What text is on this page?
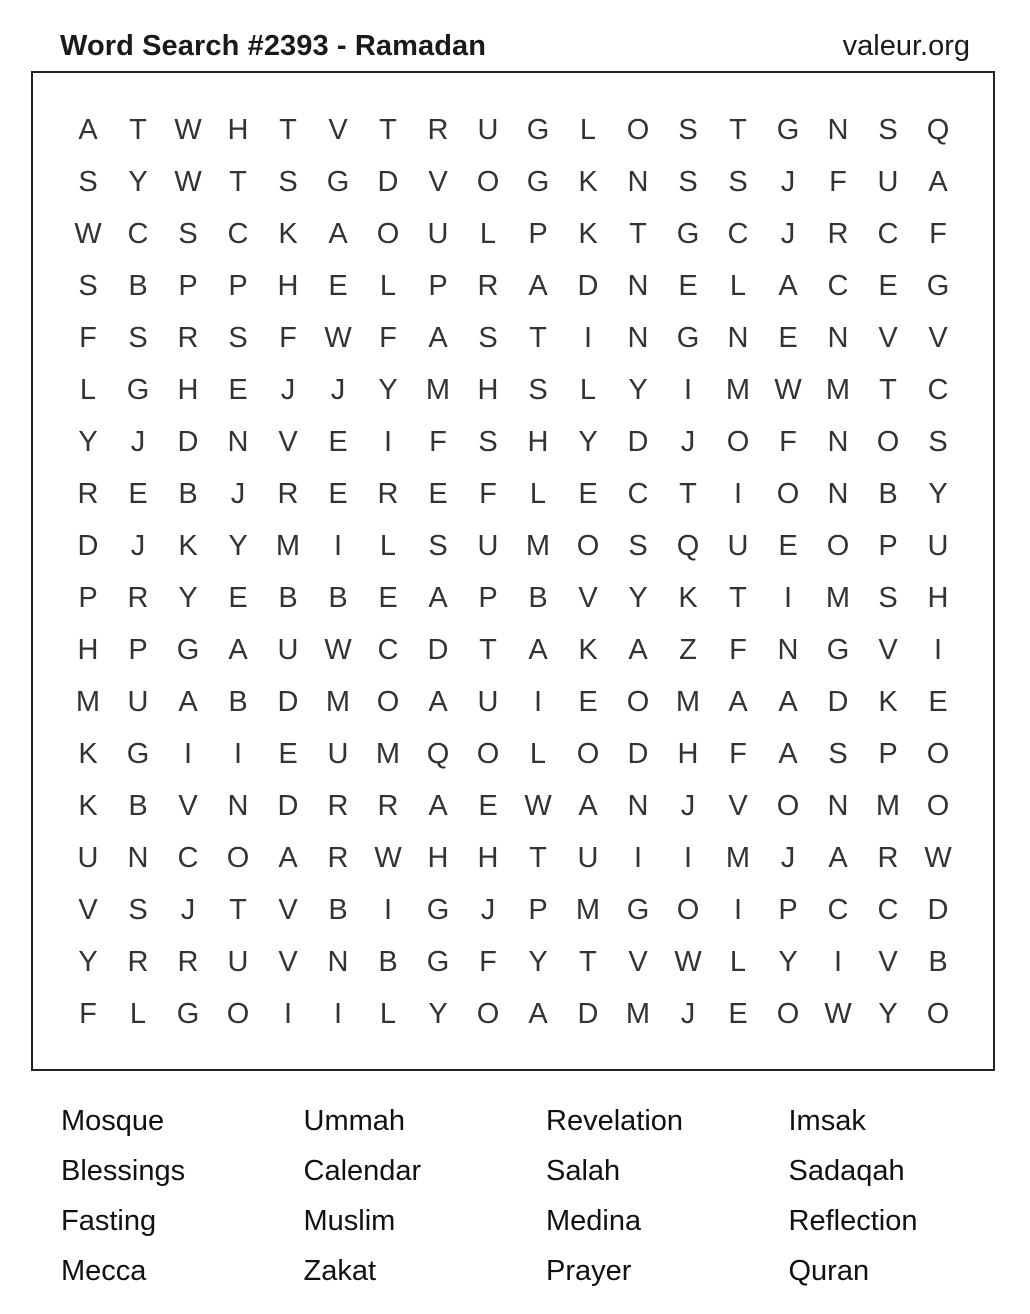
Word Search #2393 - Ramadan	valeur.org
A	T W H	T	V	T	R	U G	L	O	S	T	G N	S	Q
S	Y W T	S	G D	V	O G	K	N	S	S	J	F	U	A
W C	S	C	K	A	O U	L	P	K	T	G C	J	R	C	F
S	B	P	P	H	E	L	P	R	A	D	N	E	L	A	C	E	G
F	S	R	S	F W F	A	S	T	I	N G N	E	N	V	V
L	G H	E	J	J	Y M H	S	L	Y	I	M W M	T	C
Y	J	D	N	V	E	I	F	S	H	Y	D	J	O	F	N O	S
R	E	B	J	R	E	R	E	F	L	E	C	T	I	O N	B	Y
D	J	K	Y M	I	L	S	U M O	S	Q U	E	O	P	U
P	R	Y	E	B	B	E	A	P	B	V	Y	K	T	I	M S	H
H	P	G	A	U W C	D	T	A	K	A	Z	F	N G	V	I
M U	A	B	D M O	A	U	I	E	O M A	A	D	K	E
K	G	I	I	E	U M Q O	L	O D	H	F	A	S	P	O
K	B	V	N	D	R	R	A	E W A	N	J	V	O N M O
U	N	C O	A	R W H	H	T	U	I	I	M	J	A	R W
V	S	J	T	V	B	I	G	J	P M G O	I	P	C	C	D
Y	R	R	U	V	N	B	G	F	Y	T	V W L	Y	I	V	B
F	L	G O	I	I	L	Y	O	A	D M	J	E	O W Y	O
Mosque	Ummah	Revelation	Imsak
Blessings	Calendar	Salah	Sadaqah
Fasting	Muslim	Medina	Reflection
Mecca	Zakat	Prayer	Quran
